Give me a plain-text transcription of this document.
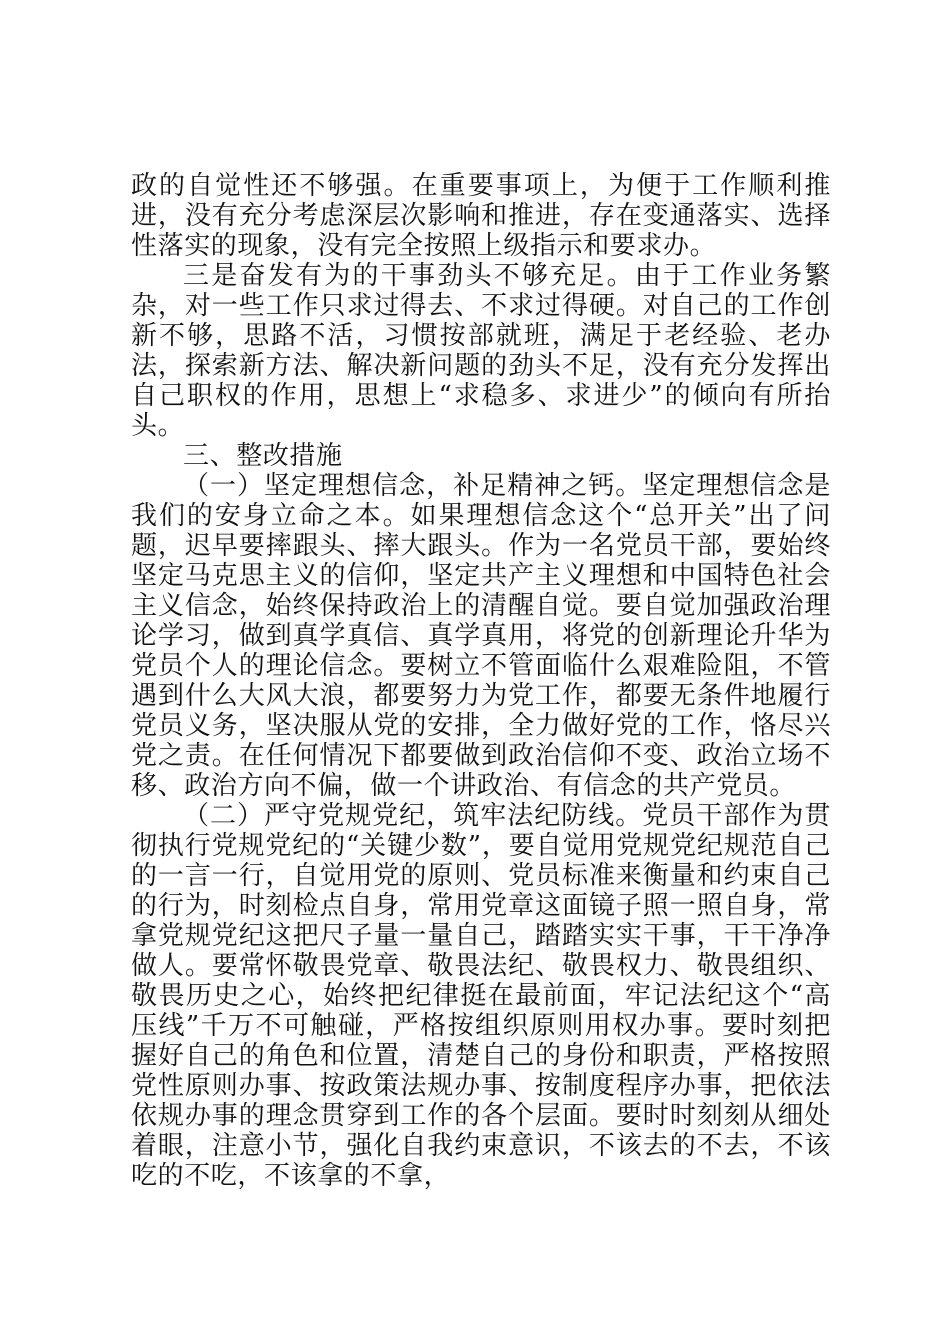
政的自觉性还不够强。在重要事项上，为便于工作顺利推进，没有充分考虑深层次影响和推进，存在变通落实、选择性落实的现象，没有完全按照上级指示和要求办。

三是奋发有为的干事劲头不够充足。由于工作业务繁杂，对一些工作只求过得去、不求过得硬。对自己的工作创新不够，思路不活，习惯按部就班，满足于老经验、老办法，探索新方法、解决新问题的劲头不足，没有充分发挥出自己职权的作用，思想上“求稳多、求进少”的倾向有所抬头。

三、整改措施

（一）坚定理想信念，补足精神之钙。坚定理想信念是我们的安身立命之本。如果理想信念这个“总开关”出了问题，迟早要摔跟头、摔大跟头。作为一名党员干部，要始终坚定马克思主义的信仰，坚定共产主义理想和中国特色社会主义信念，始终保持政治上的清醒自觉。要自觉加强政治理论学习，做到真学真信、真学真用，将党的创新理论升华为党员个人的理论信念。要树立不管面临什么艰难险阻，不管遇到什么大风大浪，都要努力为党工作，都要无条件地履行党员义务，坚决服从党的安排，全力做好党的工作，恪尽兴党之责。在任何情况下都要做到政治信仰不变、政治立场不移、政治方向不偏，做一个讲政治、有信念的共产党员。

（二）严守党规党纪，筑牢法纪防线。党员干部作为贯彻执行党规党纪的“关键少数”，要自觉用党规党纪规范自己的一言一行，自觉用党的原则、党员标准来衡量和约束自己的行为，时刻检点自身，常用党章这面镜子照一照自身，常拿党规党纪这把尺子量一量自己，踏踏实实干事，干干净净做人。要常怀敬畏党章、敬畏法纪、敬畏权力、敬畏组织、敬畏历史之心，始终把纪律挺在最前面，牢记法纪这个“高压线”千万不可触碰，严格按组织原则用权办事。要时刻把握好自己的角色和位置，清楚自己的身份和职责，严格按照党性原则办事、按政策法规办事、按制度程序办事，把依法依规办事的理念贯穿到工作的各个层面。要时时刻刻从细处着眼，注意小节，强化自我约束意识，不该去的不去，不该吃的不吃，不该拿的不拿，
